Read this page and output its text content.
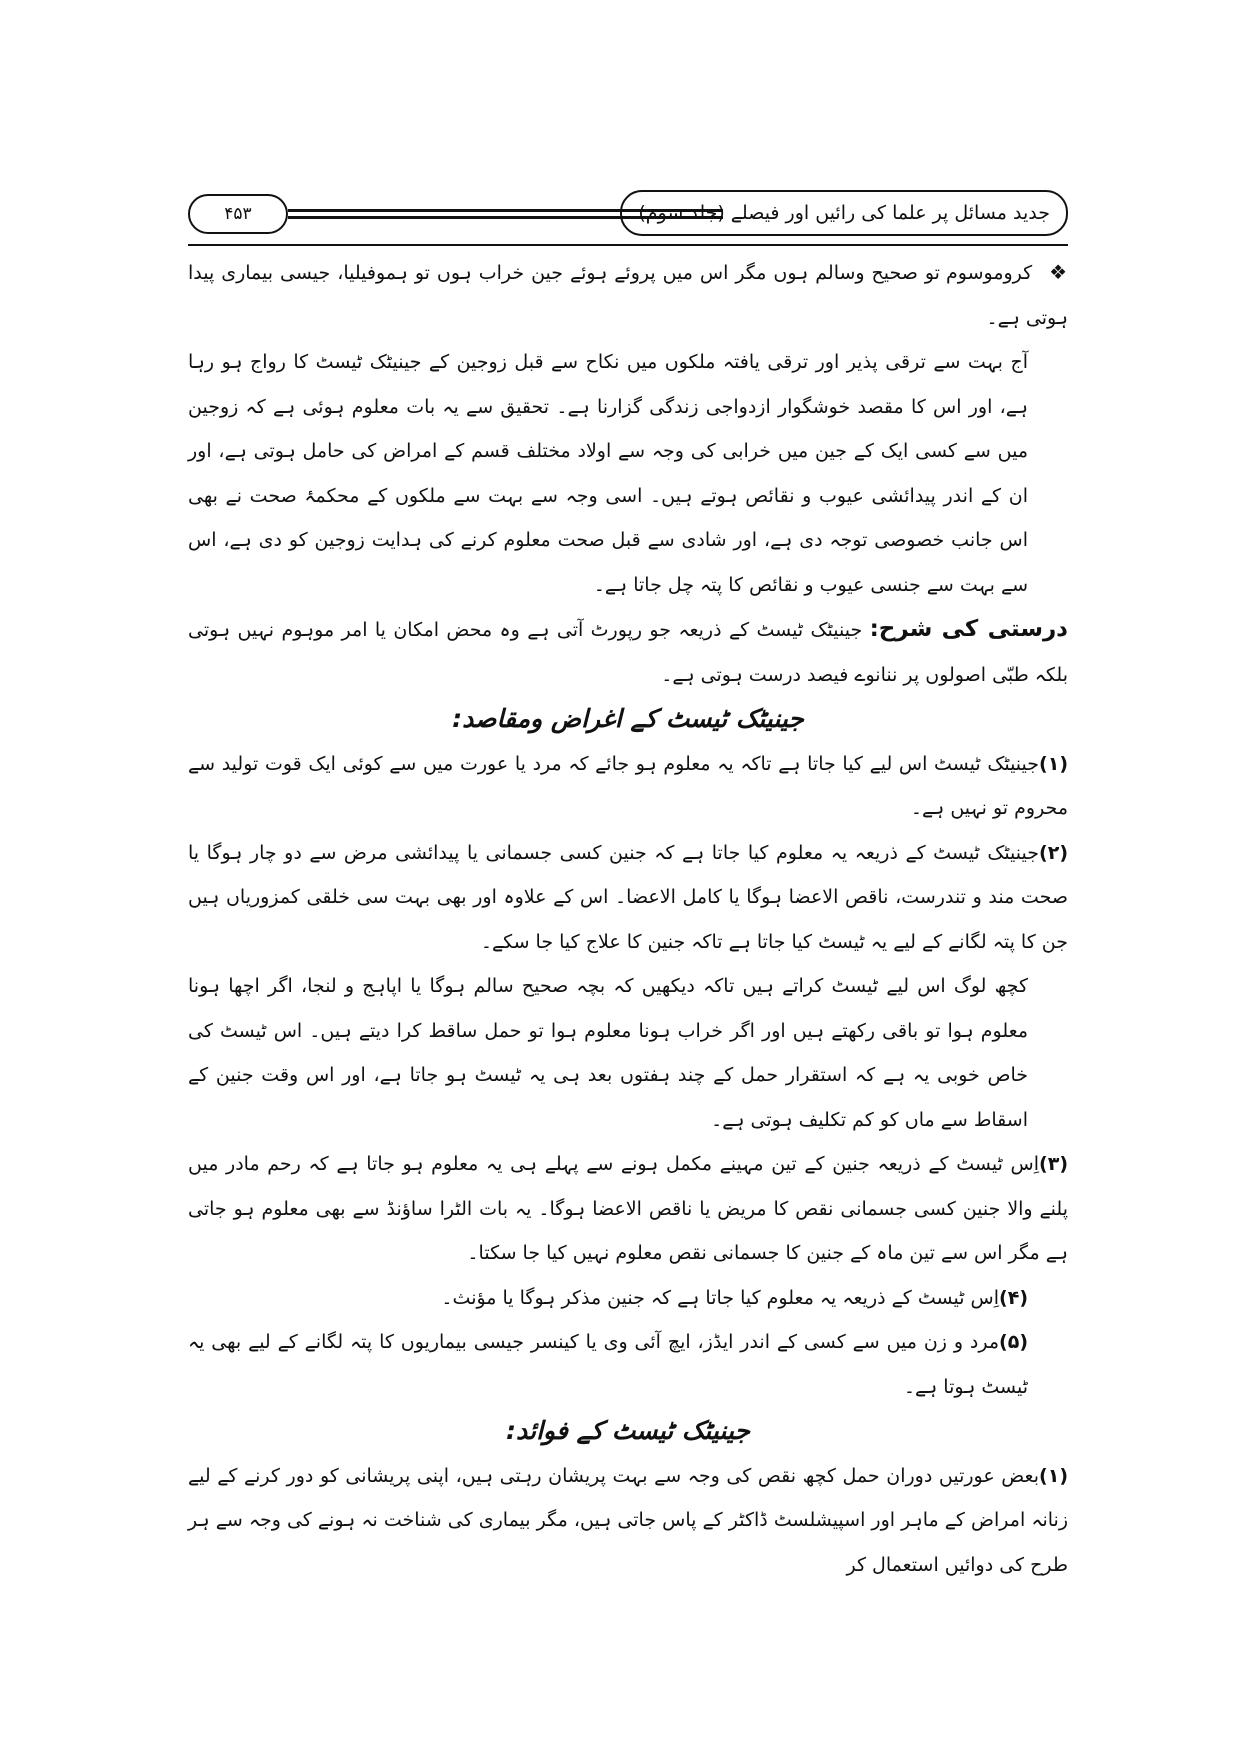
۴۵۳	جدید مسائل پر علما کی رائیں اور فیصلے (جلد سوم)

❖ کروموسوم تو صحیح وسالم ہوں مگر اس میں پروئے ہوئے جین خراب ہوں تو ہموفیلیا، جیسی بیماری پیدا ہوتی ہے۔

آج بہت سے ترقی پذیر اور ترقی یافتہ ملکوں میں نکاح سے قبل زوجین کے جینیٹک ٹیسٹ کا رواج ہو رہا ہے، اور اس کا مقصد خوشگوار ازدواجی زندگی گزارنا ہے۔ تحقیق سے یہ بات معلوم ہوئی ہے کہ زوجین میں سے کسی ایک کے جین میں خرابی کی وجہ سے اولاد مختلف قسم کے امراض کی حامل ہوتی ہے، اور ان کے اندر پیدائشی عیوب و نقائص ہوتے ہیں۔ اسی وجہ سے بہت سے ملکوں کے محکمۂ صحت نے بھی اس جانب خصوصی توجہ دی ہے، اور شادی سے قبل صحت معلوم کرنے کی ہدایت زوجین کو دی ہے، اس سے بہت سے جنسی عیوب و نقائص کا پتہ چل جاتا ہے۔

درستی کی شرح: جینیٹک ٹیسٹ کے ذریعہ جو رپورٹ آتی ہے وہ محض امکان یا امر موہوم نہیں ہوتی بلکہ طبّی اصولوں پر ننانوے فیصد درست ہوتی ہے۔

جینیٹک ٹیسٹ کے اغراض ومقاصد:

(۱)جینیٹک ٹیسٹ اس لیے کیا جاتا ہے تاکہ یہ معلوم ہو جائے کہ مرد یا عورت میں سے کوئی ایک قوت تولید سے محروم تو نہیں ہے۔

(۲)جینیٹک ٹیسٹ کے ذریعہ یہ معلوم کیا جاتا ہے کہ جنین کسی جسمانی یا پیدائشی مرض سے دو چار ہوگا یا صحت مند و تندرست، ناقص الاعضا ہوگا یا کامل الاعضا۔ اس کے علاوہ اور بھی بہت سی خلقی کمزوریاں ہیں جن کا پتہ لگانے کے لیے یہ ٹیسٹ کیا جاتا ہے تاکہ جنین کا علاج کیا جا سکے۔

کچھ لوگ اس لیے ٹیسٹ کراتے ہیں تاکہ دیکھیں کہ بچہ صحیح سالم ہوگا یا اپاہج و لنجا، اگر اچھا ہونا معلوم ہوا تو باقی رکھتے ہیں اور اگر خراب ہونا معلوم ہوا تو حمل ساقط کرا دیتے ہیں۔ اس ٹیسٹ کی خاص خوبی یہ ہے کہ استقرار حمل کے چند ہفتوں بعد ہی یہ ٹیسٹ ہو جاتا ہے، اور اس وقت جنین کے اسقاط سے ماں کو کم تکلیف ہوتی ہے۔

(۳)اِس ٹیسٹ کے ذریعہ جنین کے تین مہینے مکمل ہونے سے پہلے ہی یہ معلوم ہو جاتا ہے کہ رحم مادر میں پلنے والا جنین کسی جسمانی نقص کا مریض یا ناقص الاعضا ہوگا۔ یہ بات الٹرا ساؤنڈ سے بھی معلوم ہو جاتی ہے مگر اس سے تین ماہ کے جنین کا جسمانی نقص معلوم نہیں کیا جا سکتا۔

(۴)اِس ٹیسٹ کے ذریعہ یہ معلوم کیا جاتا ہے کہ جنین مذکر ہوگا یا مؤنث۔

(۵)مرد و زن میں سے کسی کے اندر ایڈز، ایچ آئی وی یا کینسر جیسی بیماریوں کا پتہ لگانے کے لیے بھی یہ ٹیسٹ ہوتا ہے۔

جینیٹک ٹیسٹ کے فوائد:

(۱)بعض عورتیں دوران حمل کچھ نقص کی وجہ سے بہت پریشان رہتی ہیں، اپنی پریشانی کو دور کرنے کے لیے زنانہ امراض کے ماہر اور اسپیشلسٹ ڈاکٹر کے پاس جاتی ہیں، مگر بیماری کی شناخت نہ ہونے کی وجہ سے ہر طرح کی دوائیں استعمال کر
